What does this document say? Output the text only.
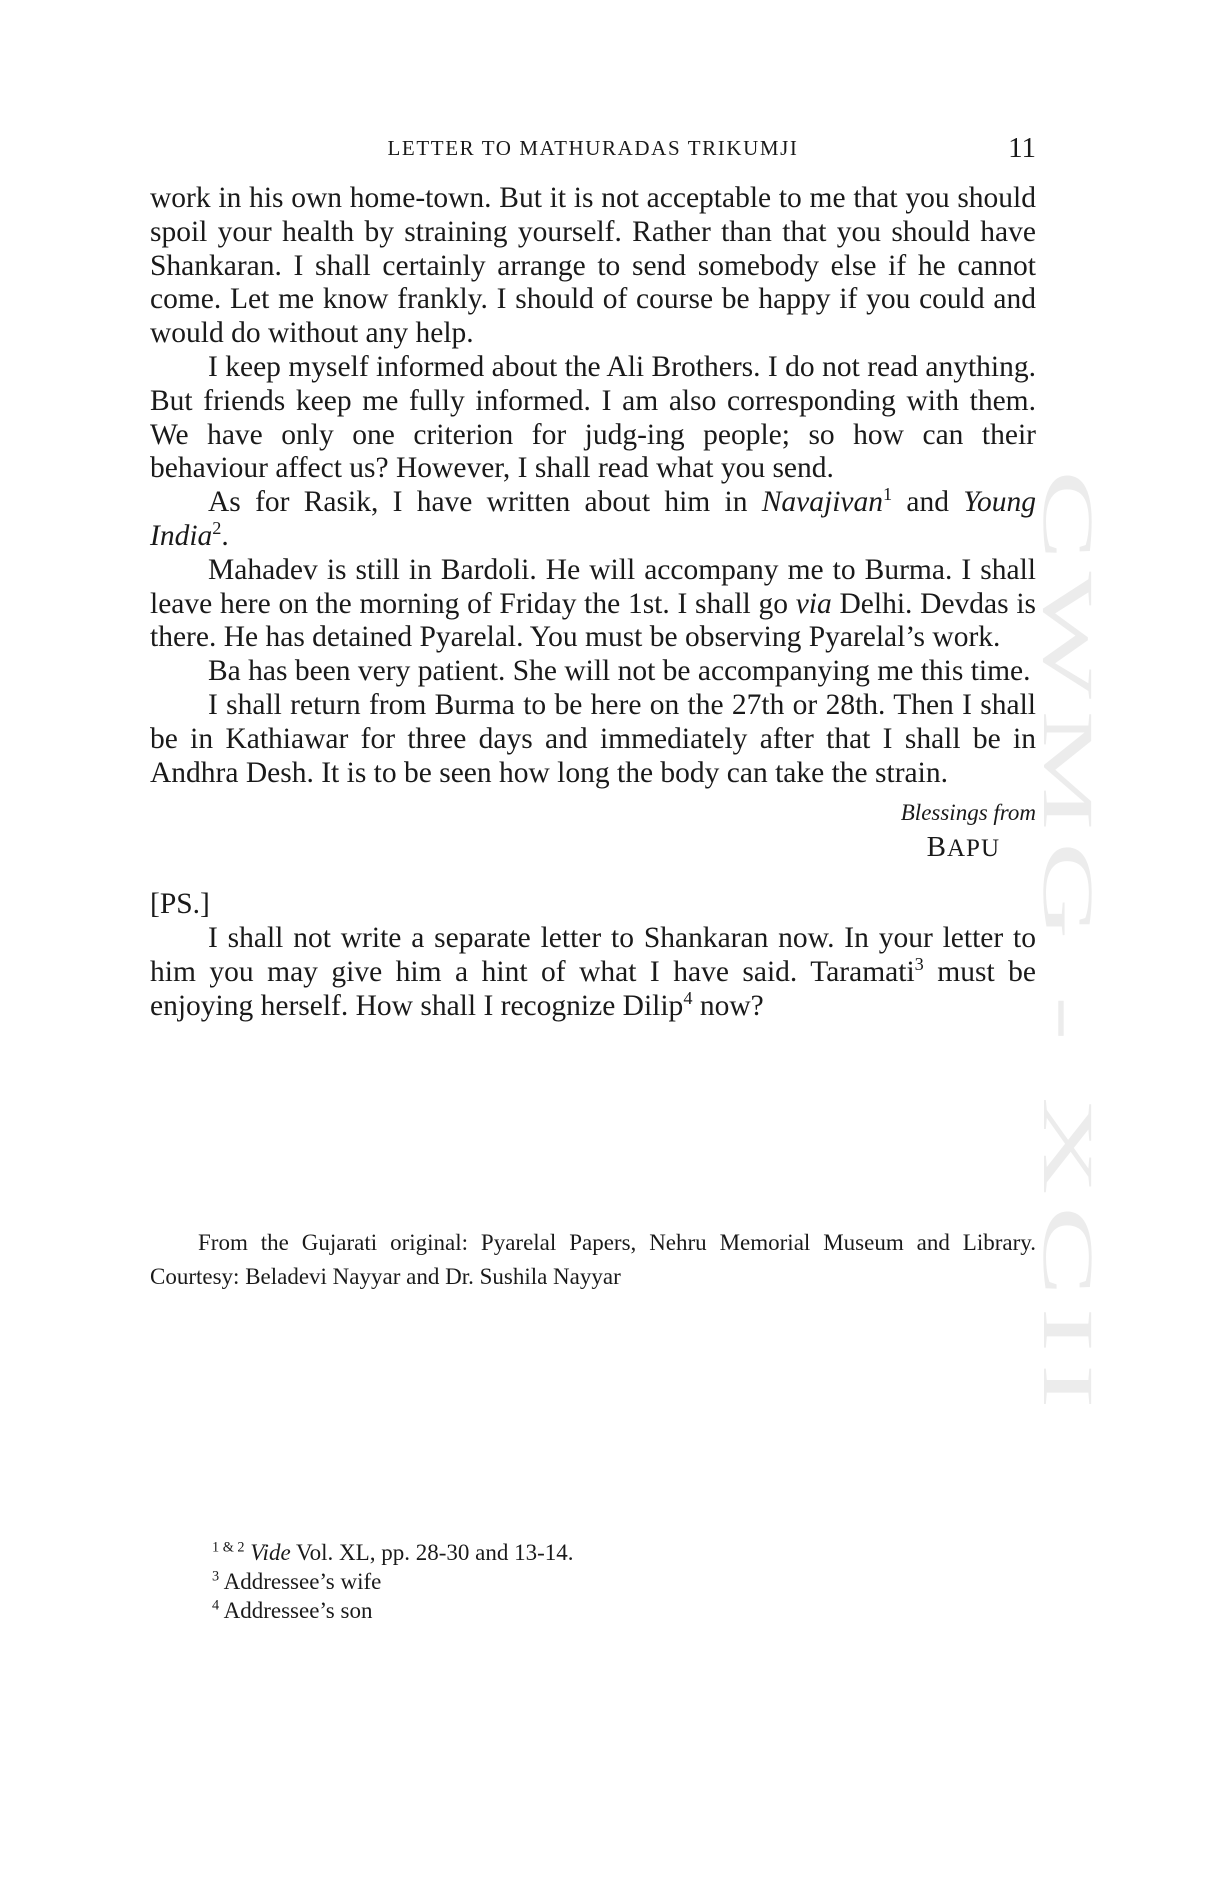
CWMG - XCII
LETTER TO MATHURADAS TRIKUMJI	11

work in his own home-town. But it is not acceptable to me that you should spoil your health by straining yourself. Rather than that you should have Shankaran. I shall certainly arrange to send somebody else if he cannot come. Let me know frankly. I should of course be happy if you could and would do without any help.

I keep myself informed about the Ali Brothers. I do not read anything. But friends keep me fully informed. I am also corresponding with them. We have only one criterion for judg-ing people; so how can their behaviour affect us? However, I shall read what you send.

As for Rasik, I have written about him in Navajivan$^1$ and Young India$^2$.

Mahadev is still in Bardoli. He will accompany me to Burma. I shall leave here on the morning of Friday the 1st. I shall go via Delhi. Devdas is there. He has detained Pyarelal. You must be observing Pyarelal’s work.

Ba has been very patient. She will not be accompanying me this time.

I shall return from Burma to be here on the 27th or 28th. Then I shall be in Kathiawar for three days and immediately after that I shall be in Andhra Desh. It is to be seen how long the body can take the strain.

Blessings from
BAPU
[PS.]

I shall not write a separate letter to Shankaran now. In your letter to him you may give him a hint of what I have said. Taramati$^3$ must be enjoying herself. How shall I recognize Dilip$^4$ now?

From the Gujarati original: Pyarelal Papers, Nehru Memorial Museum and Library. Courtesy: Beladevi Nayyar and Dr. Sushila Nayyar
$^{1 \& 2}$ Vide Vol. XL, pp. 28-30 and 13-14.
$^3$ Addressee’s wife
$^4$ Addressee’s son
